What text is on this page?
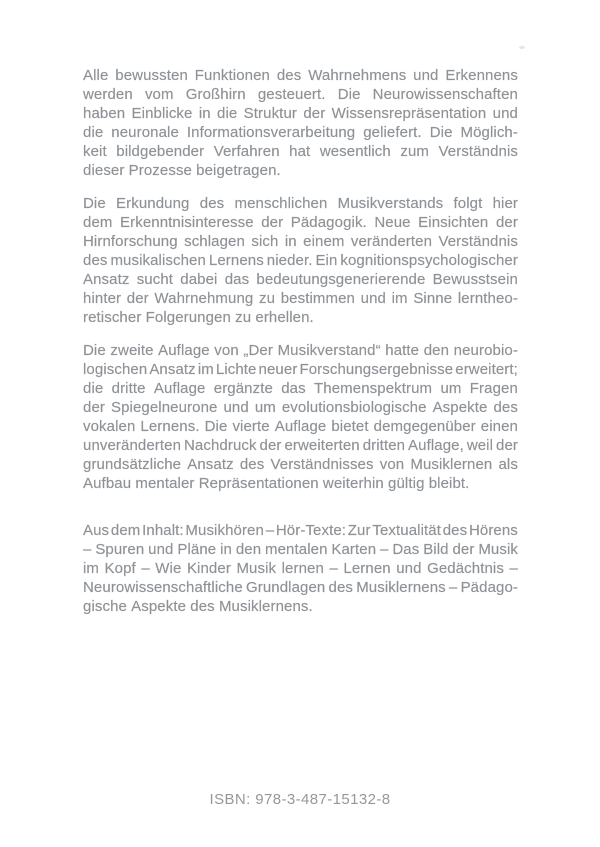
Alle bewussten Funktionen des Wahrnehmens und Erkennens
werden vom Großhirn gesteuert. Die Neurowissenschaften
haben Einblicke in die Struktur der Wissensrepräsentation und
die neuronale Informationsverarbeitung geliefert. Die Möglich-
keit bildgebender Verfahren hat wesentlich zum Verständnis
dieser Prozesse beigetragen.
Die Erkundung des menschlichen Musikverstands folgt hier
dem Erkenntnisinteresse der Pädagogik. Neue Einsichten der
Hirnforschung schlagen sich in einem veränderten Verständnis
des musikalischen Lernens nieder. Ein kognitionspsychologischer
Ansatz sucht dabei das bedeutungsgenerierende Bewusstsein
hinter der Wahrnehmung zu bestimmen und im Sinne lerntheo-
retischer Folgerungen zu erhellen.
Die zweite Auflage von „Der Musikverstand“ hatte den neurobio-
logischen Ansatz im Lichte neuer Forschungsergebnisse erweitert;
die dritte Auflage ergänzte das Themenspektrum um Fragen
der Spiegelneurone und um evolutionsbiologische Aspekte des
vokalen Lernens. Die vierte Auflage bietet demgegenüber einen
unveränderten Nachdruck der erweiterten dritten Auflage, weil der
grundsätzliche Ansatz des Verständnisses von Musiklernen als
Aufbau mentaler Repräsentationen weiterhin gültig bleibt.
Aus dem Inhalt: Musikhören – Hör-Texte: Zur Textualität des Hörens
– Spuren und Pläne in den mentalen Karten – Das Bild der Musik
im Kopf – Wie Kinder Musik lernen – Lernen und Gedächtnis –
Neurowissenschaftliche Grundlagen des Musiklernens – Pädago-
gische Aspekte des Musiklernens.
ISBN: 978-3-487-15132-8
